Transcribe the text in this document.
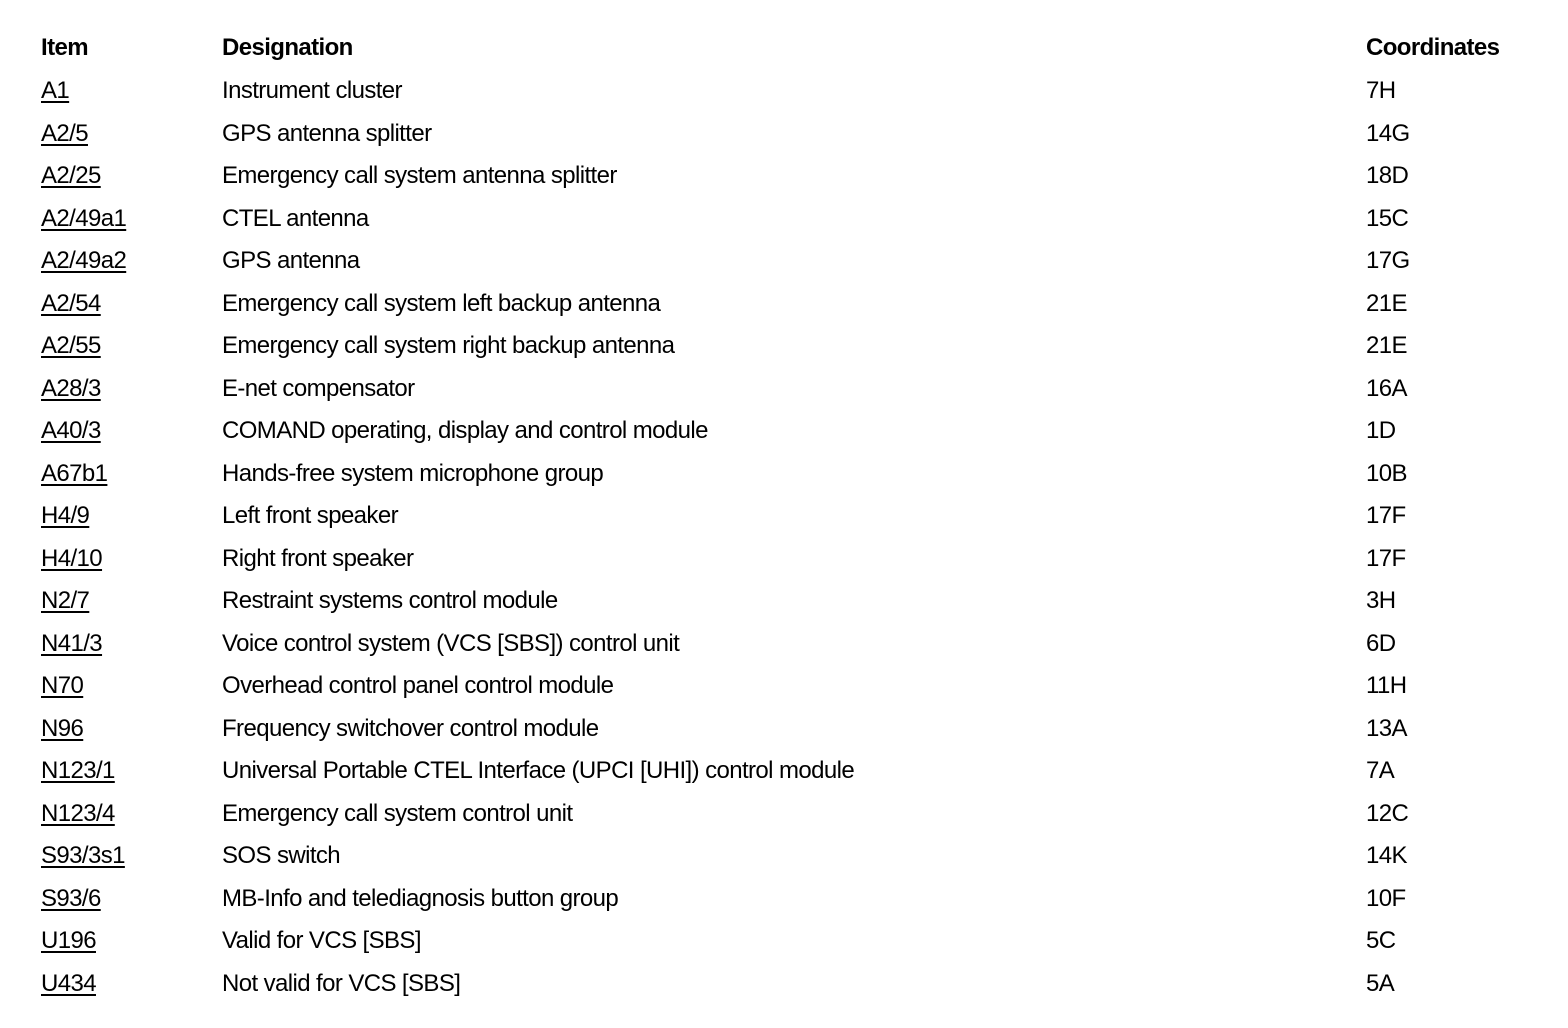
Item	Designation	Coordinates
A1	Instrument cluster	7H
A2/5	GPS antenna splitter	14G
A2/25	Emergency call system antenna splitter	18D
A2/49a1	CTEL antenna	15C
A2/49a2	GPS antenna	17G
A2/54	Emergency call system left backup antenna	21E
A2/55	Emergency call system right backup antenna	21E
A28/3	E-net compensator	16A
A40/3	COMAND operating, display and control module	1D
A67b1	Hands-free system microphone group	10B
H4/9	Left front speaker	17F
H4/10	Right front speaker	17F
N2/7	Restraint systems control module	3H
N41/3	Voice control system (VCS [SBS]) control unit	6D
N70	Overhead control panel control module	11H
N96	Frequency switchover control module	13A
N123/1	Universal Portable CTEL Interface (UPCI [UHI]) control module	7A
N123/4	Emergency call system control unit	12C
S93/3s1	SOS switch	14K
S93/6	MB-Info and telediagnosis button group	10F
U196	Valid for VCS [SBS]	5C
U434	Not valid for VCS [SBS]	5A
